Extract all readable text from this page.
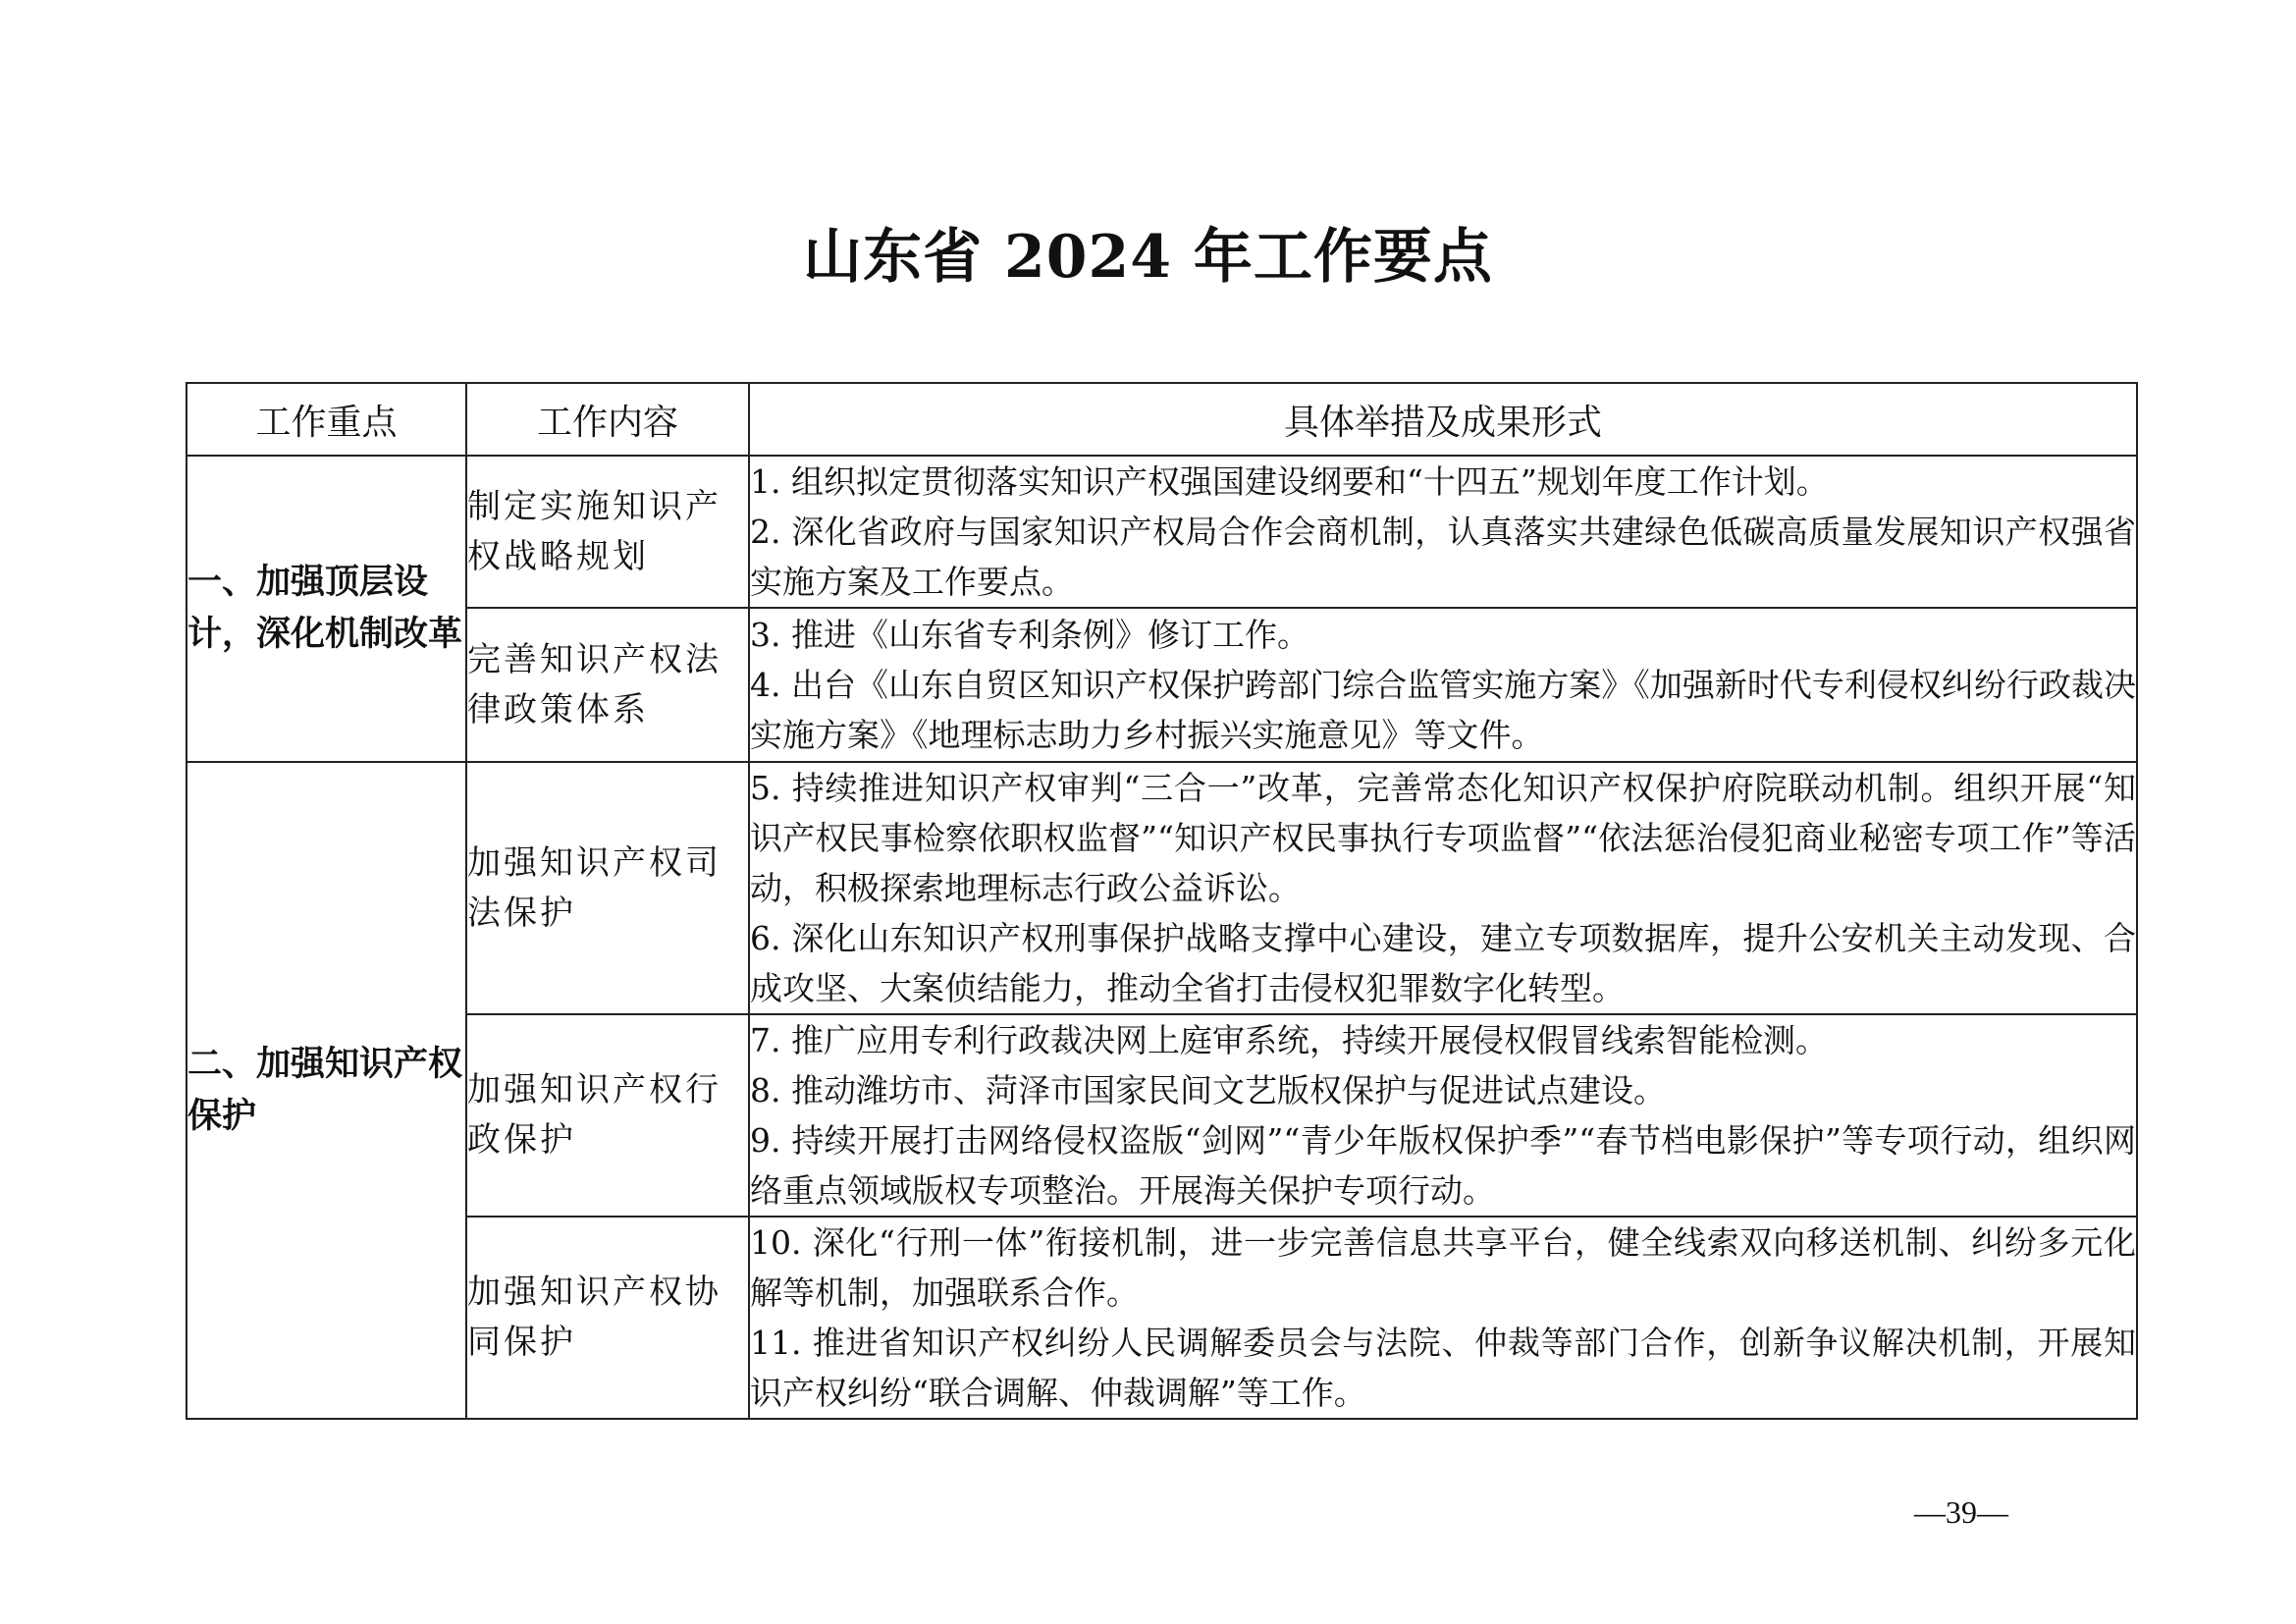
山东省 2024 年工作要点
工作重点	工作内容	具体举措及成果形式
一、加强顶层设计，深化机制改革	制定实施知识产权战略规划	1. 组织拟定贯彻落实知识产权强国建设纲要和“十四五”规划年度工作计划。
2. 深化省政府与国家知识产权局合作会商机制，认真落实共建绿色低碳高质量发展知识产权强省实施方案及工作要点。

	完善知识产权法律政策体系	3. 推进《山东省专利条例》修订工作。
4. 出台《山东自贸区知识产权保护跨部门综合监管实施方案》《加强新时代专利侵权纠纷行政裁决实施方案》《地理标志助力乡村振兴实施意见》等文件。

二、加强知识产权保护	加强知识产权司法保护	5. 持续推进知识产权审判“三合一”改革，完善常态化知识产权保护府院联动机制。组织开展“知识产权民事检察依职权监督”“知识产权民事执行专项监督”“依法惩治侵犯商业秘密专项工作”等活动，积极探索地理标志行政公益诉讼。
6. 深化山东知识产权刑事保护战略支撑中心建设，建立专项数据库，提升公安机关主动发现、合成攻坚、大案侦结能力，推动全省打击侵权犯罪数字化转型。

	加强知识产权行政保护	7. 推广应用专利行政裁决网上庭审系统，持续开展侵权假冒线索智能检测。
8. 推动潍坊市、菏泽市国家民间文艺版权保护与促进试点建设。
9. 持续开展打击网络侵权盗版“剑网”“青少年版权保护季”“春节档电影保护”等专项行动，组织网络重点领域版权专项整治。开展海关保护专项行动。

	加强知识产权协同保护	10. 深化“行刑一体”衔接机制，进一步完善信息共享平台，健全线索双向移送机制、纠纷多元化解等机制，加强联系合作。
11. 推进省知识产权纠纷人民调解委员会与法院、仲裁等部门合作，创新争议解决机制，开展知识产权纠纷“联合调解、仲裁调解”等工作。
—39—
